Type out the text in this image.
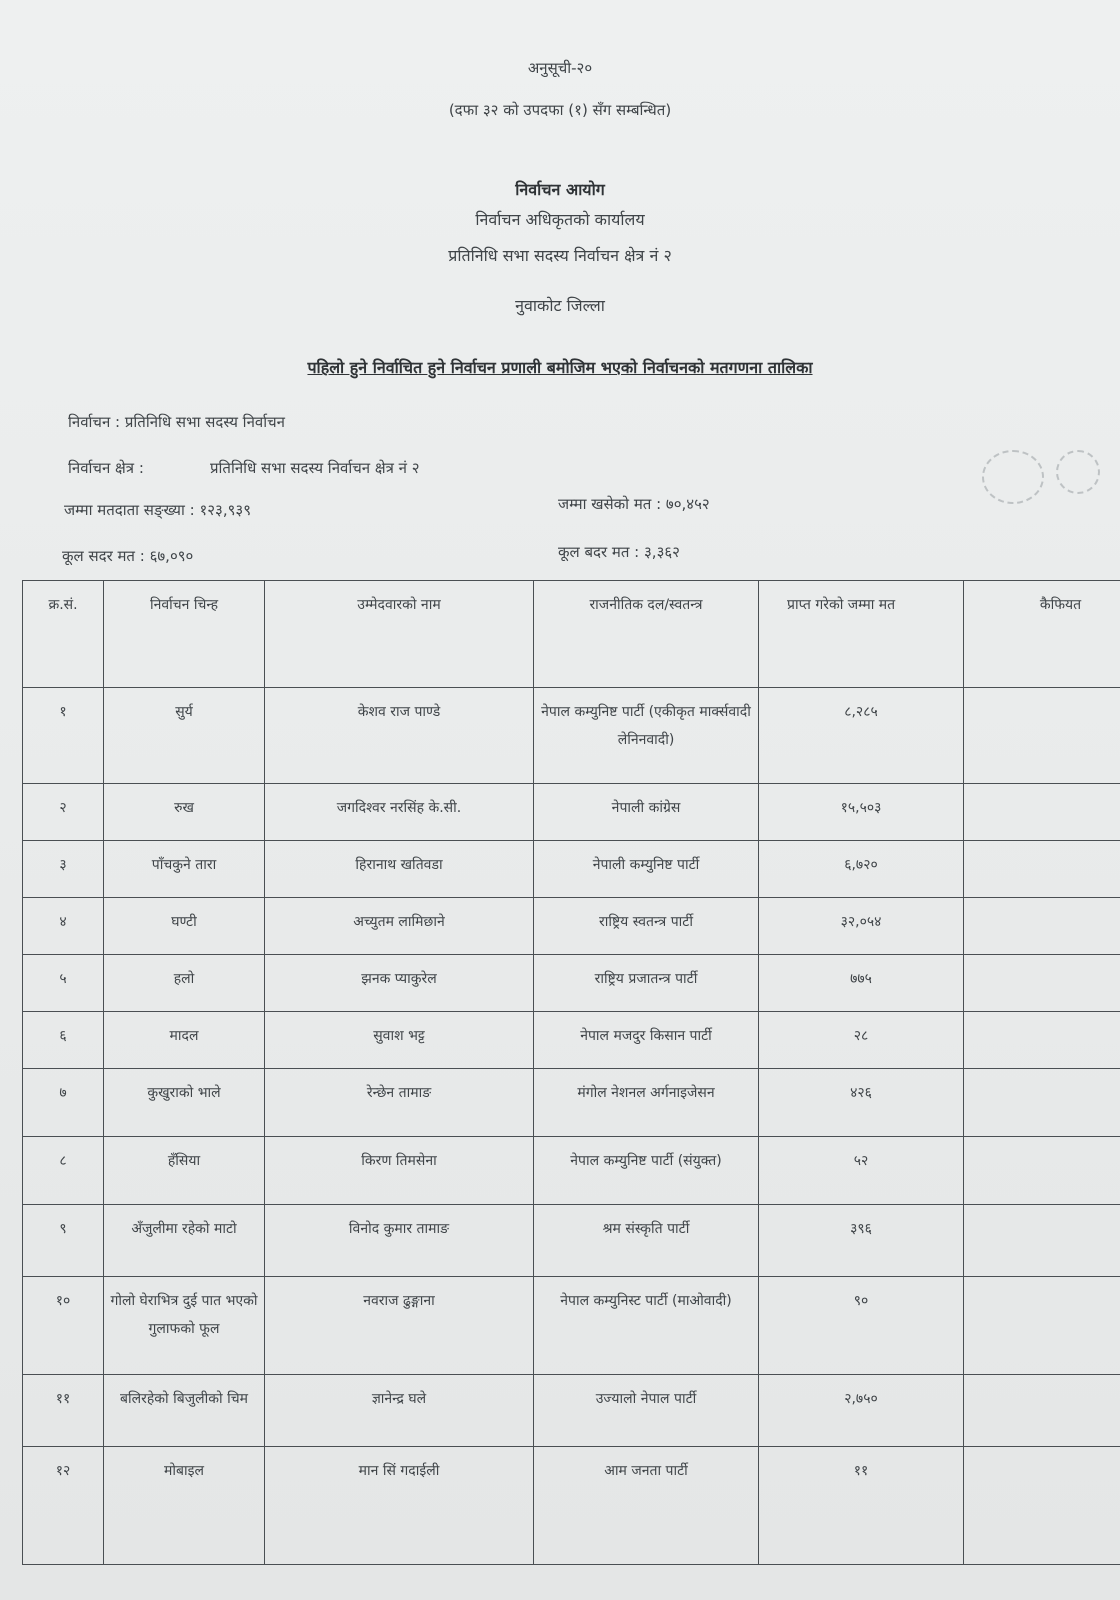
अनुसूची-२०
(दफा ३२ को उपदफा (१) सँग सम्बन्धित)
निर्वाचन आयोग
निर्वाचन अधिकृतको कार्यालय
प्रतिनिधि सभा सदस्य निर्वाचन क्षेत्र नं २
नुवाकोट जिल्ला
पहिलो हुने निर्वाचित हुने निर्वाचन प्रणाली बमोजिम भएको निर्वाचनको मतगणना तालिका
निर्वाचन : प्रतिनिधि सभा सदस्य निर्वाचन
निर्वाचन क्षेत्र :	प्रतिनिधि सभा सदस्य निर्वाचन क्षेत्र नं २
जम्मा मतदाता सङ्ख्या : १२३,९३९	जम्मा खसेको मत : ७०,४५२
कूल सदर मत : ६७,०९०	कूल बदर मत : ३,३६२
क्र.सं.	निर्वाचन चिन्ह	उम्मेदवारको नाम	राजनीतिक दल/स्वतन्त्र	प्राप्त गरेको जम्मा मत	कैफियत
१	सुर्य	केशव राज पाण्डे	नेपाल कम्युनिष्ट पार्टी (एकीकृत मार्क्सवादी लेनिनवादी)	८,२८५	
२	रुख	जगदिश्वर नरसिंह के.सी.	नेपाली कांग्रेस	१५,५०३	
३	पाँचकुने तारा	हिरानाथ खतिवडा	नेपाली कम्युनिष्ट पार्टी	६,७२०	
४	घण्टी	अच्युतम लामिछाने	राष्ट्रिय स्वतन्त्र पार्टी	३२,०५४	
५	हलो	झनक प्याकुरेल	राष्ट्रिय प्रजातन्त्र पार्टी	७७५	
६	मादल	सुवाश भट्ट	नेपाल मजदुर किसान पार्टी	२८	
७	कुखुराको भाले	रेन्छेन तामाङ	मंगोल नेशनल अर्गनाइजेसन	४२६	
८	हँसिया	किरण तिमसेना	नेपाल कम्युनिष्ट पार्टी (संयुक्त)	५२	
९	अँजुलीमा रहेको माटो	विनोद कुमार तामाङ	श्रम संस्कृति पार्टी	३९६	
१०	गोलो घेराभित्र दुई पात भएको गुलाफको फूल	नवराज ढुङ्गाना	नेपाल कम्युनिस्ट पार्टी (माओवादी)	९०	
११	बलिरहेको बिजुलीको चिम	ज्ञानेन्द्र घले	उज्यालो नेपाल पार्टी	२,७५०	
१२	मोबाइल	मान सिं गदाईली	आम जनता पार्टी	११	
